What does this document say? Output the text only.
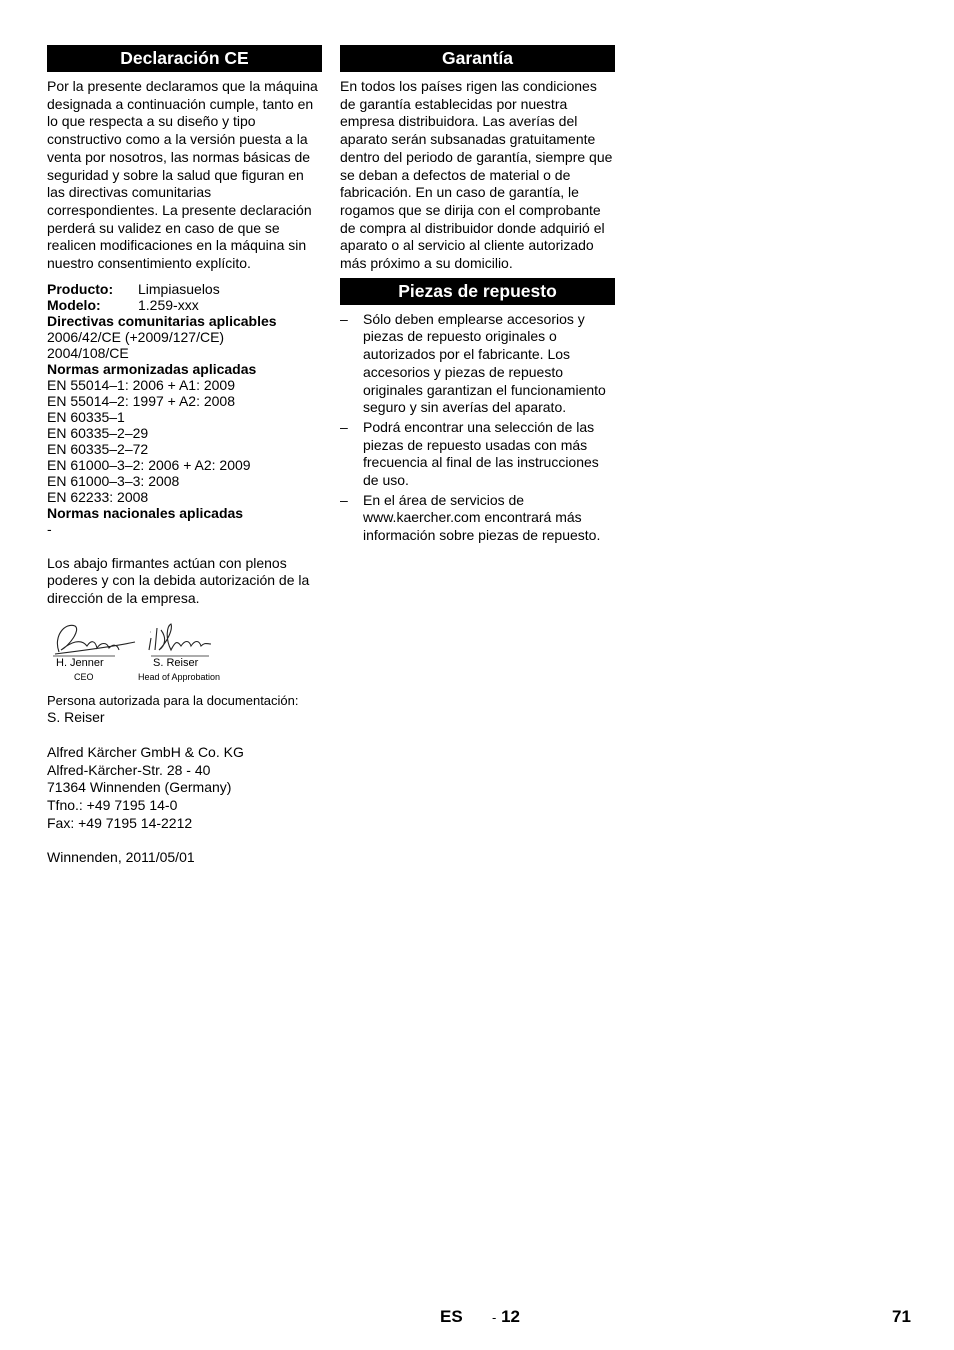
Declaración CE

Por la presente declaramos que la máquina designada a continuación cumple, tanto en lo que respecta a su diseño y tipo constructivo como a la versión puesta a la venta por nosotros, las normas básicas de seguridad y sobre la salud que figuran en las directivas comunitarias correspondientes. La presente declaración perderá su validez en caso de que se realicen modificaciones en la máquina sin nuestro consentimiento explícito.

Producto:	Limpiasuelos
Modelo:	1.259-xxx
Directivas comunitarias aplicables
2006/42/CE (+2009/127/CE)
2004/108/CE
Normas armonizadas aplicadas
EN 55014–1: 2006 + A1: 2009
EN 55014–2: 1997 + A2: 2008
EN 60335–1
EN 60335–2–29
EN 60335–2–72
EN 61000–3–2: 2006 + A2: 2009
EN 61000–3–3: 2008
EN 62233: 2008
Normas nacionales aplicadas
-

Los abajo firmantes actúan con plenos poderes y con la debida autorización de la dirección de la empresa.

H. Jenner
CEO
S. Reiser
Head of Approbation
Persona autorizada para la documentación:
S. Reiser
Alfred Kärcher GmbH & Co. KG
Alfred-Kärcher-Str. 28 - 40
71364 Winnenden (Germany)
Tfno.: +49 7195 14-0
Fax: +49 7195 14-2212
Winnenden, 2011/05/01
Garantía

En todos los países rigen las condiciones de garantía establecidas por nuestra empresa distribuidora. Las averías del aparato serán subsanadas gratuitamente dentro del periodo de garantía, siempre que se deban a defectos de material o de fabricación. En un caso de garantía, le rogamos que se dirija con el comprobante de compra al distribuidor donde adquirió el aparato o al servicio al cliente autorizado más próximo a su domicilio.

Piezas de repuesto
– Sólo deben emplearse accesorios y piezas de repuesto originales o autorizados por el fabricante. Los accesorios y piezas de repuesto originales garantizan el funcionamiento seguro y sin averías del aparato.
– Podrá encontrar una selección de las piezas de repuesto usadas con más frecuencia al final de las instrucciones de uso.
– En el área de servicios de www.kaercher.com encontrará más información sobre piezas de repuesto.
ES - 12	71
